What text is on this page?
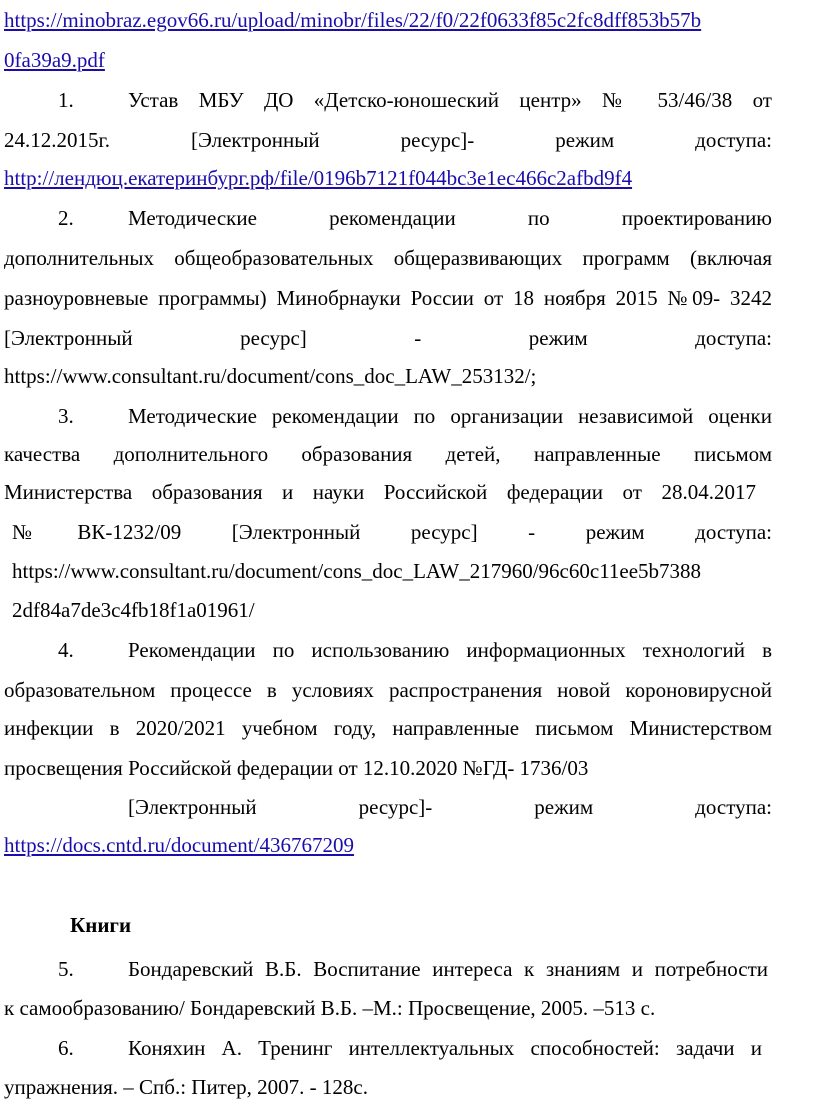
https://minobraz.egov66.ru/upload/minobr/files/22/f0/22f0633f85c2fc8dff853b57b
0fa39a9.pdf
1.	Устав МБУ ДО «Детско-юношеский центр» № 53/46/38 от
24.12.2015г. [Электронный ресурс]- режим доступа:
http://лендюц.екатеринбург.рф/file/0196b7121f044bc3e1ec466c2afbd9f4
2.	Методические рекомендации по проектированию
дополнительных общеобразовательных общеразвивающих программ (включая
разноуровневые программы) Минобрнауки России от 18 ноября 2015 №09- 3242
[Электронный ресурс] - режим доступа:
https://www.consultant.ru/document/cons_doc_LAW_253132/;
3.	Методические рекомендации по организации независимой оценки
качества дополнительного образования детей, направленные письмом
Министерства образования и науки Российской федерации от 28.04.2017
№ВК-1232/09 [Электронный ресурс] - режим доступа:
https://www.consultant.ru/document/cons_doc_LAW_217960/96c60c11ee5b7388
2df84a7de3c4fb18f1a01961/
4.	Рекомендации по использованию информационных технологий в
образовательном процессе в условиях распространения новой короновирусной
инфекции в 2020/2021 учебном году, направленные письмом Министерством
просвещения Российской федерации от 12.10.2020 №ГД- 1736/03
[Электронный ресурс]- режим доступа:
https://docs.cntd.ru/document/436767209
Книги
5.	Бондаревский В.Б. Воспитание интереса к знаниям и потребности
к самообразованию/ Бондаревский В.Б. –М.: Просвещение, 2005. –513 с.
6.	Коняхин А. Тренинг интеллектуальных способностей: задачи и
упражнения. – Спб.: Питер, 2007. - 128с.
